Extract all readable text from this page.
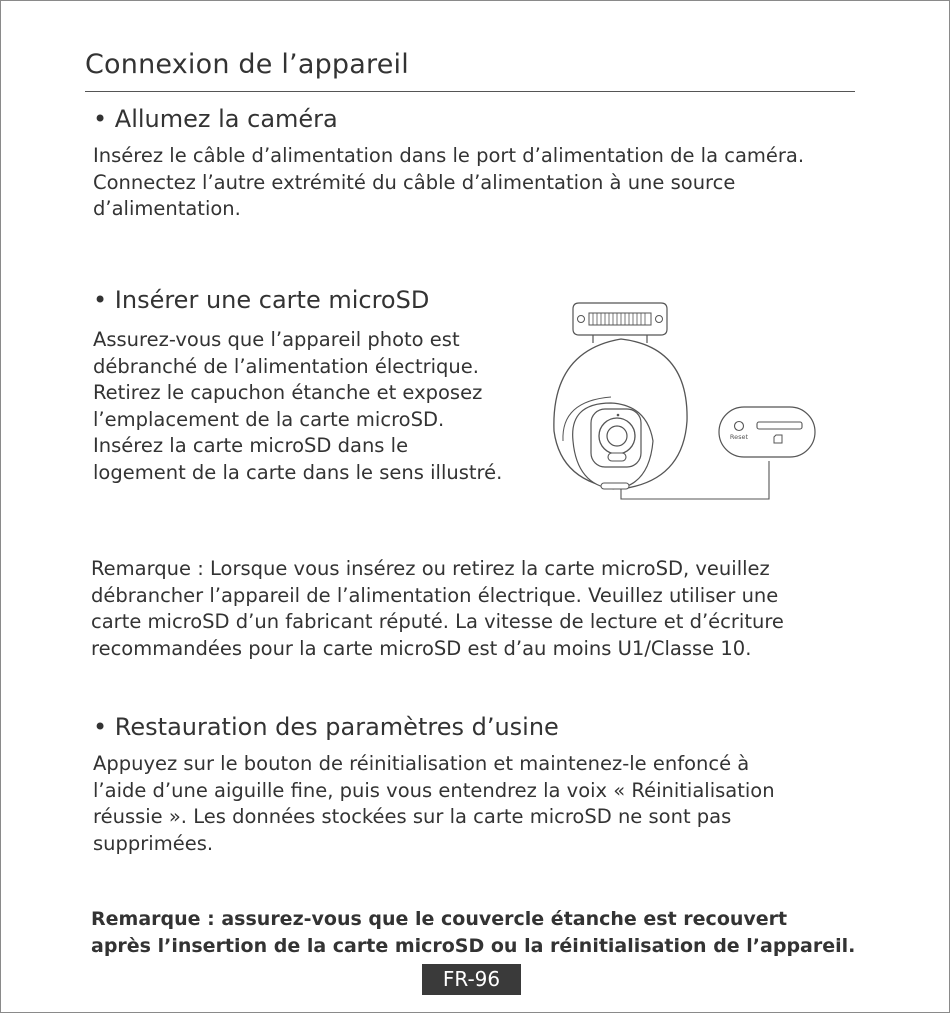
Connexion de l’appareil
• Allumez la caméra
Insérez le câble d’alimentation dans le port d’alimentation de la caméra.
Connectez l’autre extrémité du câble d’alimentation à une source
d’alimentation.
• Insérer une carte microSD
Assurez-vous que l’appareil photo est
débranché de l’alimentation électrique.
Retirez le capuchon étanche et exposez
l’emplacement de la carte microSD.
Insérez la carte microSD dans le
logement de la carte dans le sens illustré.
Reset
Remarque : Lorsque vous insérez ou retirez la carte microSD, veuillez
débrancher l’appareil de l’alimentation électrique. Veuillez utiliser une
carte microSD d’un fabricant réputé. La vitesse de lecture et d’écriture
recommandées pour la carte microSD est d’au moins U1/Classe 10.
• Restauration des paramètres d’usine
Appuyez sur le bouton de réinitialisation et maintenez-le enfoncé à
l’aide d’une aiguille fine, puis vous entendrez la voix « Réinitialisation
réussie ». Les données stockées sur la carte microSD ne sont pas
supprimées.
Remarque : assurez-vous que le couvercle étanche est recouvert
après l’insertion de la carte microSD ou la réinitialisation de l’appareil.
FR-96
